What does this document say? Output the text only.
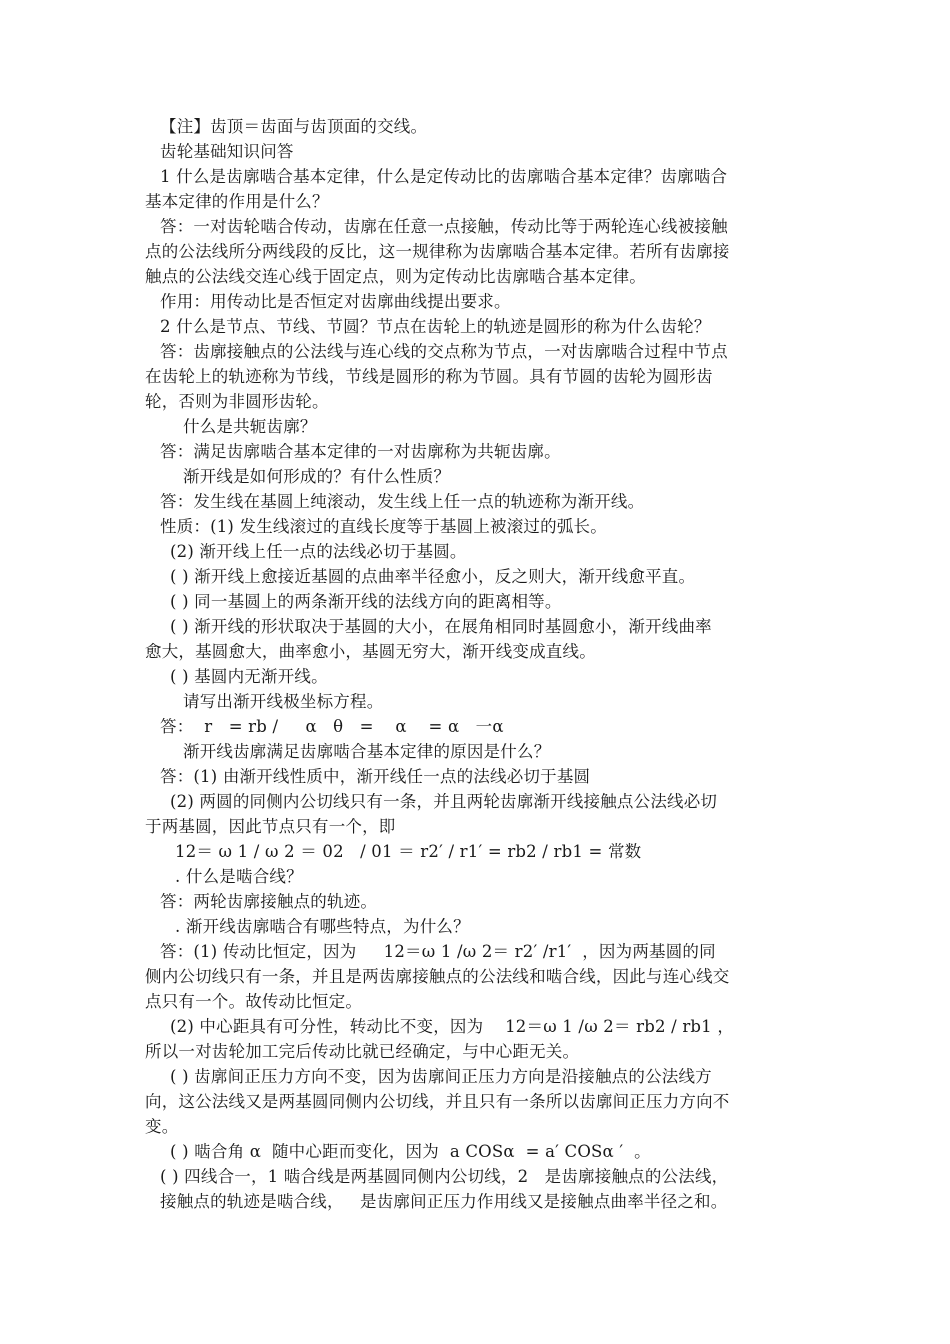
【注】齿顶＝齿面与齿顶面的交线。
齿轮基础知识问答
1 什么是齿廓啮合基本定律，什么是定传动比的齿廓啮合基本定律？齿廓啮合
基本定律的作用是什么？
答：一对齿轮啮合传动，齿廓在任意一点接触，传动比等于两轮连心线被接触
点的公法线所分两线段的反比，这一规律称为齿廓啮合基本定律。若所有齿廓接
触点的公法线交连心线于固定点，则为定传动比齿廓啮合基本定律。
作用：用传动比是否恒定对齿廓曲线提出要求。
2 什么是节点、节线、节圆？节点在齿轮上的轨迹是圆形的称为什么齿轮？
答：齿廓接触点的公法线与连心线的交点称为节点，一对齿廓啮合过程中节点
在齿轮上的轨迹称为节线，节线是圆形的称为节圆。具有节圆的齿轮为圆形齿
轮，否则为非圆形齿轮。
什么是共轭齿廓？
答：满足齿廓啮合基本定律的一对齿廓称为共轭齿廓。
渐开线是如何形成的？有什么性质？
答：发生线在基圆上纯滚动，发生线上任一点的轨迹称为渐开线。
性质：(1) 发生线滚过的直线长度等于基圆上被滚过的弧长。
(2) 渐开线上任一点的法线必切于基圆。
( ) 渐开线上愈接近基圆的点曲率半径愈小，反之则大，渐开线愈平直。
( ) 同一基圆上的两条渐开线的法线方向的距离相等。
( ) 渐开线的形状取决于基圆的大小，在展角相同时基圆愈小，渐开线曲率
愈大，基圆愈大，曲率愈小，基圆无穷大，渐开线变成直线。
( ) 基圆内无渐开线。
请写出渐开线极坐标方程。
答：  r   = rb /     α   θ   =    α    = α   一α
渐开线齿廓满足齿廓啮合基本定律的原因是什么？
答：(1) 由渐开线性质中，渐开线任一点的法线必切于基圆
(2) 两圆的同侧内公切线只有一条，并且两轮齿廓渐开线接触点公法线必切
于两基圆，因此节点只有一个，即
12＝ ω 1 / ω 2 ＝ 02   / 01 ＝ r2′ / r1′ = rb2 / rb1 = 常数
. 什么是啮合线？
答：两轮齿廓接触点的轨迹。
. 渐开线齿廓啮合有哪些特点，为什么？
答：(1) 传动比恒定，因为     12＝ω 1 /ω 2＝ r2′ /r1′  ，因为两基圆的同
侧内公切线只有一条，并且是两齿廓接触点的公法线和啮合线，因此与连心线交
点只有一个。故传动比恒定。
(2) 中心距具有可分性，转动比不变，因为    12＝ω 1 /ω 2＝ rb2 / rb1 ，
所以一对齿轮加工完后传动比就已经确定，与中心距无关。
( ) 齿廓间正压力方向不变，因为齿廓间正压力方向是沿接触点的公法线方
向，这公法线又是两基圆同侧内公切线，并且只有一条所以齿廓间正压力方向不
变。
( ) 啮合角 α  随中心距而变化，因为  a COSα  = a′ COSα ′  。
( ) 四线合一，1 啮合线是两基圆同侧内公切线，2   是齿廓接触点的公法线，
接触点的轨迹是啮合线，   是齿廓间正压力作用线又是接触点曲率半径之和。
